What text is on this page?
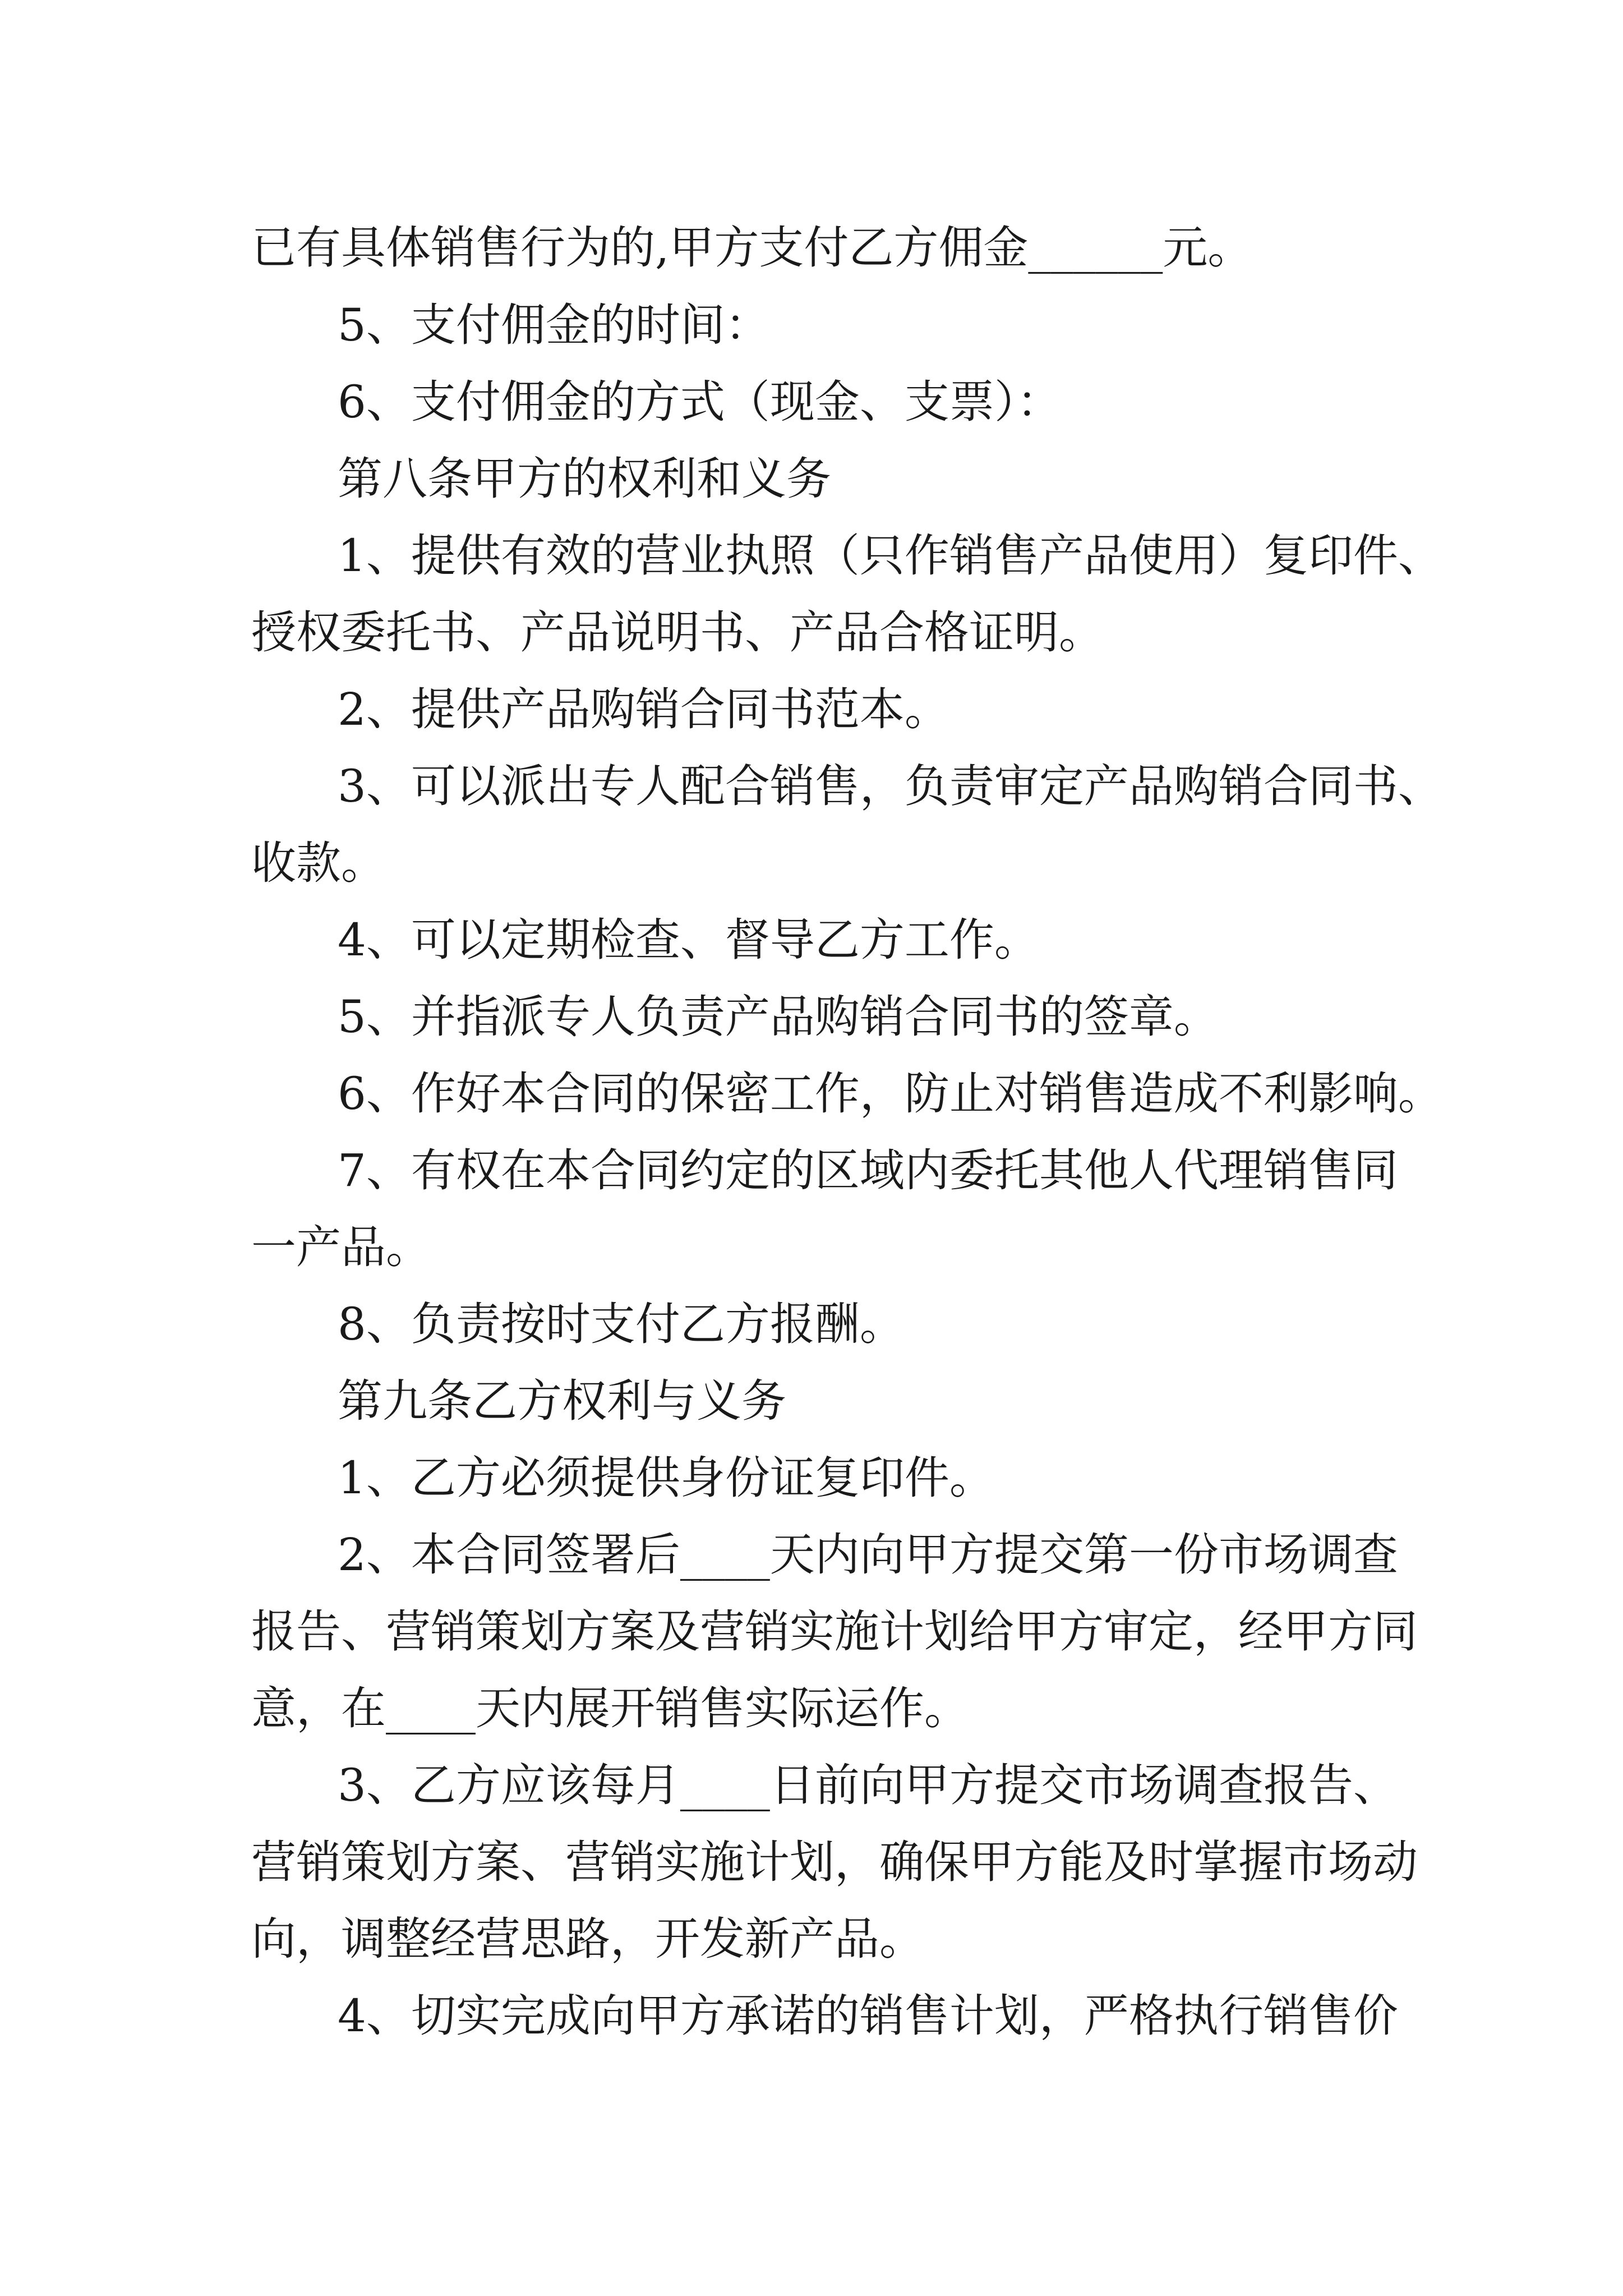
已有具体销售行为的,甲方支付乙方佣金______元。

5、支付佣金的时间：

6、支付佣金的方式（现金、支票）：

第八条甲方的权利和义务

1、提供有效的营业执照（只作销售产品使用）复印件、

授权委托书、产品说明书、产品合格证明。

2、提供产品购销合同书范本。

3、可以派出专人配合销售，负责审定产品购销合同书、

收款。

4、可以定期检查、督导乙方工作。

5、并指派专人负责产品购销合同书的签章。

6、作好本合同的保密工作，防止对销售造成不利影响。

7、有权在本合同约定的区域内委托其他人代理销售同

一产品。

8、负责按时支付乙方报酬。

第九条乙方权利与义务

1、乙方必须提供身份证复印件。

2、本合同签署后____天内向甲方提交第一份市场调查

报告、营销策划方案及营销实施计划给甲方审定，经甲方同

意，在____天内展开销售实际运作。

3、乙方应该每月____日前向甲方提交市场调查报告、

营销策划方案、营销实施计划，确保甲方能及时掌握市场动

向，调整经营思路，开发新产品。

4、切实完成向甲方承诺的销售计划，严格执行销售价
